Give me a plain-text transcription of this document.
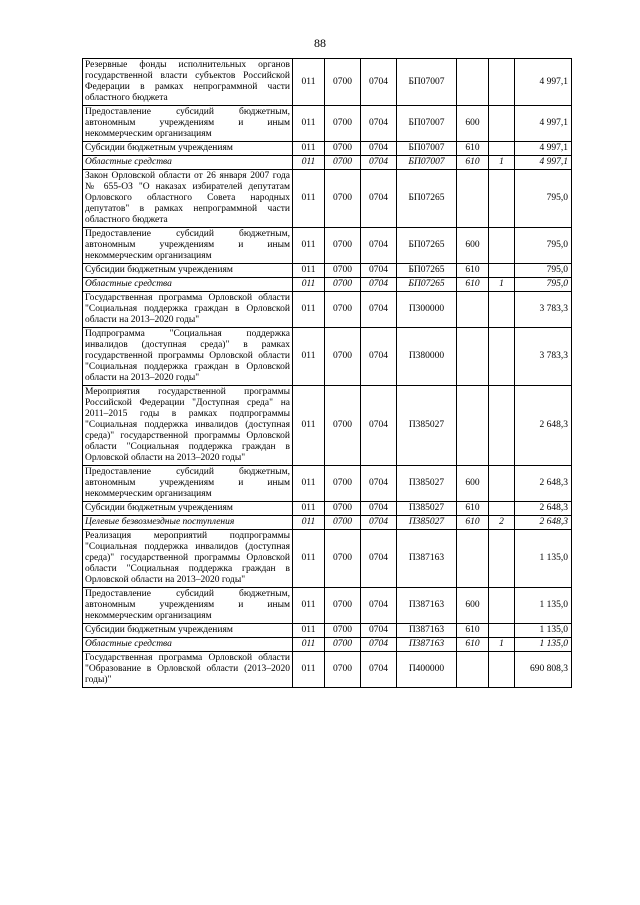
88
Резервные фонды исполнительных органов государственной власти субъектов Российской Федерации в рамках непрограммной части областного бюджета	011	0700	0704	БП07007			4 997,1
Предоставление субсидий бюджетным, автономным учреждениям и иным некоммерческим организациям	011	0700	0704	БП07007	600		4 997,1
Субсидии бюджетным учреждениям	011	0700	0704	БП07007	610		4 997,1
Областные средства	011	0700	0704	БП07007	610	1	4 997,1
Закон Орловской области от 26 января 2007 года № 655-ОЗ "О наказах избирателей депутатам Орловского областного Совета народных депутатов" в рамках непрограммной части областного бюджета	011	0700	0704	БП07265			795,0
Предоставление субсидий бюджетным, автономным учреждениям и иным некоммерческим организациям	011	0700	0704	БП07265	600		795,0
Субсидии бюджетным учреждениям	011	0700	0704	БП07265	610		795,0
Областные средства	011	0700	0704	БП07265	610	1	795,0
Государственная программа Орловской области "Социальная поддержка граждан в Орловской области на 2013–2020 годы"	011	0700	0704	П300000			3 783,3
Подпрограмма "Социальная поддержка инвалидов (доступная среда)" в рамках государственной программы Орловской области "Социальная поддержка граждан в Орловской области на 2013–2020 годы"	011	0700	0704	П380000			3 783,3
Мероприятия государственной программы Российской Федерации "Доступная среда" на 2011–2015 годы в рамках подпрограммы "Социальная поддержка инвалидов (доступная среда)" государственной программы Орловской области "Социальная поддержка граждан в Орловской области на 2013–2020 годы"	011	0700	0704	П385027			2 648,3
Предоставление субсидий бюджетным, автономным учреждениям и иным некоммерческим организациям	011	0700	0704	П385027	600		2 648,3
Субсидии бюджетным учреждениям	011	0700	0704	П385027	610		2 648,3
Целевые безвозмездные поступления	011	0700	0704	П385027	610	2	2 648,3
Реализация мероприятий подпрограммы "Социальная поддержка инвалидов (доступная среда)" государственной программы Орловской области "Социальная поддержка граждан в Орловской области на 2013–2020 годы"	011	0700	0704	П387163			1 135,0
Предоставление субсидий бюджетным, автономным учреждениям и иным некоммерческим организациям	011	0700	0704	П387163	600		1 135,0
Субсидии бюджетным учреждениям	011	0700	0704	П387163	610		1 135,0
Областные средства	011	0700	0704	П387163	610	1	1 135,0
Государственная программа Орловской области "Образование в Орловской области (2013–2020 годы)"	011	0700	0704	П400000			690 808,3
